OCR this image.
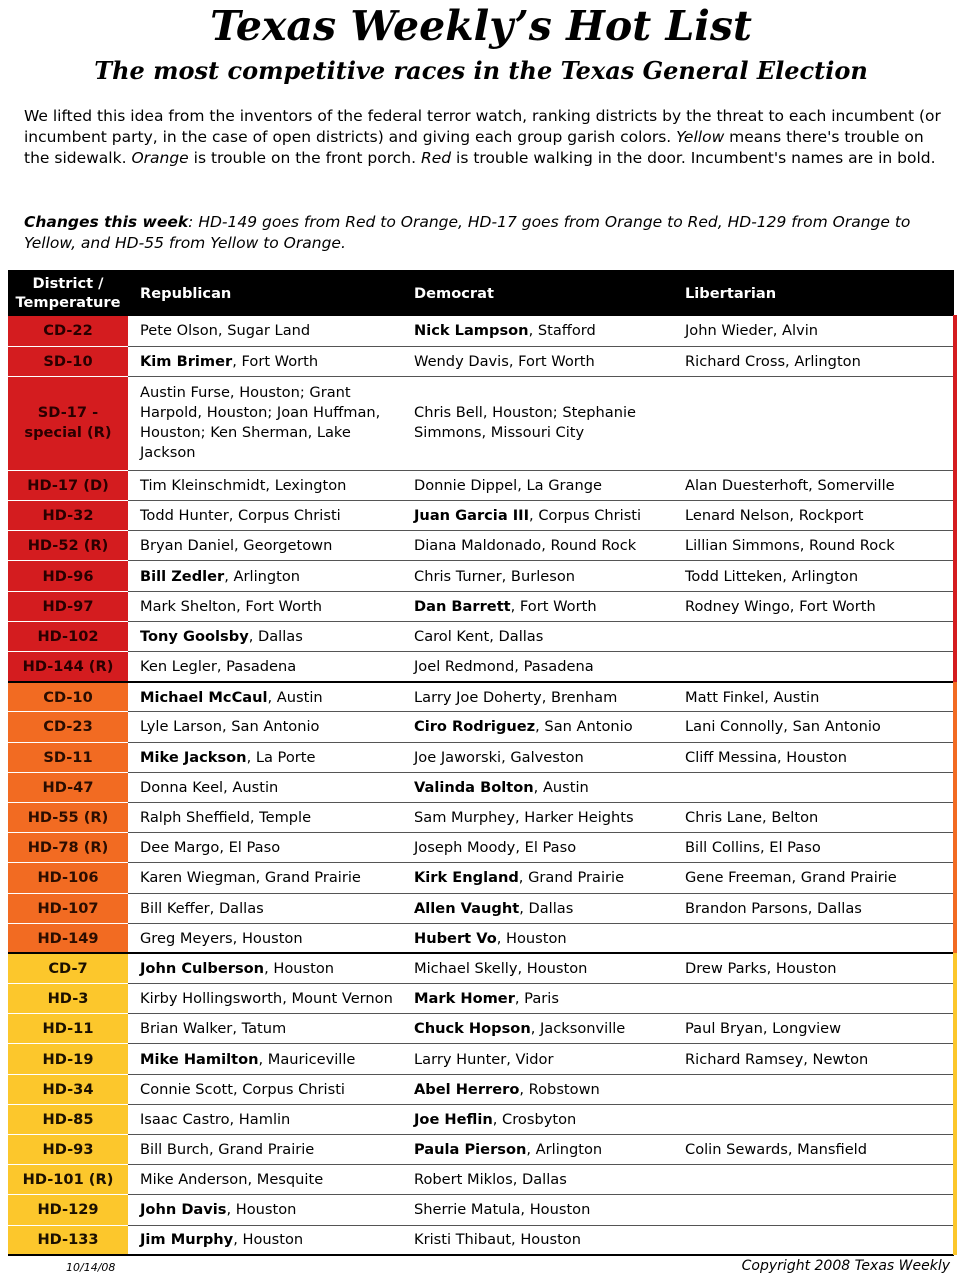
Texas Weekly’s Hot List
The most competitive races in the Texas General Election

We lifted this idea from the inventors of the federal terror watch, ranking districts by the threat to each incumbent (or incumbent party, in the case of open districts) and giving each group garish colors. Yellow means there's trouble on the sidewalk. Orange is trouble on the front porch. Red is trouble walking in the door. Incumbent's names are in bold.

Changes this week: HD-149 goes from Red to Orange, HD-17 goes from Orange to Red, HD-129 from Orange to Yellow, and HD-55 from Yellow to Orange.

District /
Temperature	Republican	Democrat	Libertarian
CD-22	Pete Olson, Sugar Land	Nick Lampson, Stafford	John Wieder, Alvin
SD-10	Kim Brimer, Fort Worth	Wendy Davis, Fort Worth	Richard Cross, Arlington
SD-17 - special (R)	Austin Furse, Houston; Grant Harpold, Houston; Joan Huffman, Houston; Ken Sherman, Lake Jackson	Chris Bell, Houston; Stephanie Simmons, Missouri City	
HD-17 (D)	Tim Kleinschmidt, Lexington	Donnie Dippel, La Grange	Alan Duesterhoft, Somerville
HD-32	Todd Hunter, Corpus Christi	Juan Garcia III, Corpus Christi	Lenard Nelson, Rockport
HD-52 (R)	Bryan Daniel, Georgetown	Diana Maldonado, Round Rock	Lillian Simmons, Round Rock
HD-96	Bill Zedler, Arlington	Chris Turner, Burleson	Todd Litteken, Arlington
HD-97	Mark Shelton, Fort Worth	Dan Barrett, Fort Worth	Rodney Wingo, Fort Worth
HD-102	Tony Goolsby, Dallas	Carol Kent, Dallas	
HD-144 (R)	Ken Legler, Pasadena	Joel Redmond, Pasadena	
CD-10	Michael McCaul, Austin	Larry Joe Doherty, Brenham	Matt Finkel, Austin
CD-23	Lyle Larson, San Antonio	Ciro Rodriguez, San Antonio	Lani Connolly, San Antonio
SD-11	Mike Jackson, La Porte	Joe Jaworski, Galveston	Cliff Messina, Houston
HD-47	Donna Keel, Austin	Valinda Bolton, Austin	
HD-55 (R)	Ralph Sheffield, Temple	Sam Murphey, Harker Heights	Chris Lane, Belton
HD-78 (R)	Dee Margo, El Paso	Joseph Moody, El Paso	Bill Collins, El Paso
HD-106	Karen Wiegman, Grand Prairie	Kirk England, Grand Prairie	Gene Freeman, Grand Prairie
HD-107	Bill Keffer, Dallas	Allen Vaught, Dallas	Brandon Parsons, Dallas
HD-149	Greg Meyers, Houston	Hubert Vo, Houston	
CD-7	John Culberson, Houston	Michael Skelly, Houston	Drew Parks, Houston
HD-3	Kirby Hollingsworth, Mount Vernon	Mark Homer, Paris	
HD-11	Brian Walker, Tatum	Chuck Hopson, Jacksonville	Paul Bryan, Longview
HD-19	Mike Hamilton, Mauriceville	Larry Hunter, Vidor	Richard Ramsey, Newton
HD-34	Connie Scott, Corpus Christi	Abel Herrero, Robstown	
HD-85	Isaac Castro, Hamlin	Joe Heflin, Crosbyton	
HD-93	Bill Burch, Grand Prairie	Paula Pierson, Arlington	Colin Sewards, Mansfield
HD-101 (R)	Mike Anderson, Mesquite	Robert Miklos, Dallas	
HD-129	John Davis, Houston	Sherrie Matula, Houston	
HD-133	Jim Murphy, Houston	Kristi Thibaut, Houston	

10/14/08	Copyright 2008 Texas Weekly
